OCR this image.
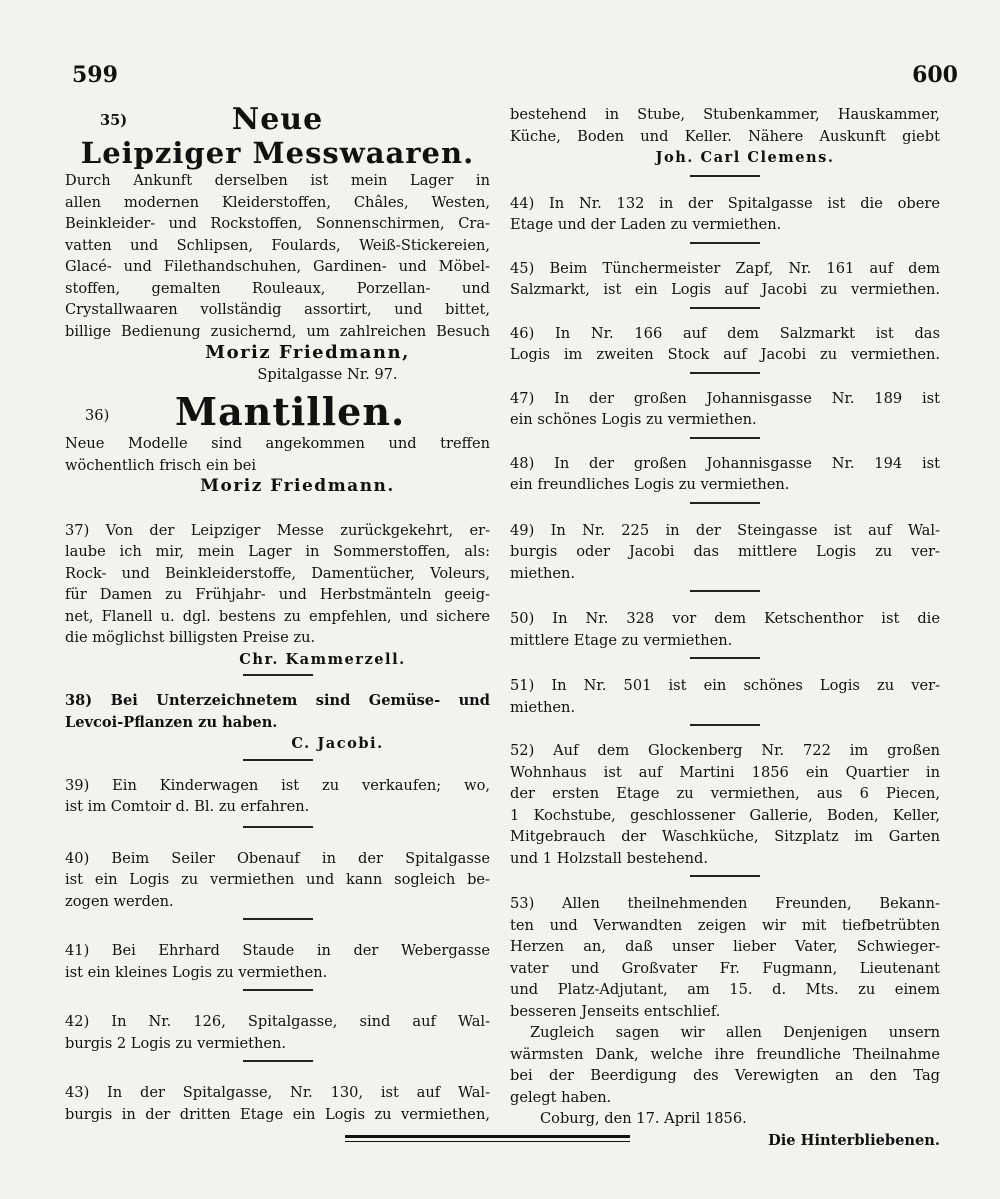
599	600
35)	Neue
Leipziger Messwaaren.
Durch Ankunft derselben ist mein Lager in
allen modernen Kleiderstoffen, Châles, Westen,
Beinkleider- und Rockstoffen, Sonnenschirmen, Cra-
vatten und Schlipsen, Foulards, Weiß-Stickereien,
Glacé- und Filethandschuhen, Gardinen- und Möbel-
stoffen, gemalten Rouleaux, Porzellan- und
Crystallwaaren vollständig assortirt, und bittet,
billige Bedienung zusichernd, um zahlreichen Besuch
Moriz Friedmann,
Spitalgasse Nr. 97.
36)	Mantillen.
Neue Modelle sind angekommen und treffen
wöchentlich frisch ein bei
Moriz Friedmann.
37) Von der Leipziger Messe zurückgekehrt, er-
laube ich mir, mein Lager in Sommerstoffen, als:
Rock- und Beinkleiderstoffe, Damentücher, Voleurs,
für Damen zu Frühjahr- und Herbstmänteln geeig-
net, Flanell u. dgl. bestens zu empfehlen, und sichere
die möglichst billigsten Preise zu.
Chr. Kammerzell.
38) Bei Unterzeichnetem sind Gemüse- und
Levcoi-Pflanzen zu haben.
C. Jacobi.
39) Ein Kinderwagen ist zu verkaufen; wo,
ist im Comtoir d. Bl. zu erfahren.
40) Beim Seiler Obenauf in der Spitalgasse
ist ein Logis zu vermiethen und kann sogleich be-
zogen werden.
41) Bei Ehrhard Staude in der Webergasse
ist ein kleines Logis zu vermiethen.
42) In Nr. 126, Spitalgasse, sind auf Wal-
burgis 2 Logis zu vermiethen.
43) In der Spitalgasse, Nr. 130, ist auf Wal-
burgis in der dritten Etage ein Logis zu vermiethen,
bestehend in Stube, Stubenkammer, Hauskammer,
Küche, Boden und Keller. Nähere Auskunft giebt
Joh. Carl Clemens.
44) In Nr. 132 in der Spitalgasse ist die obere
Etage und der Laden zu vermiethen.
45) Beim Tünchermeister Zapf, Nr. 161 auf dem
Salzmarkt, ist ein Logis auf Jacobi zu vermiethen.
46) In Nr. 166 auf dem Salzmarkt ist das
Logis im zweiten Stock auf Jacobi zu vermiethen.
47) In der großen Johannisgasse Nr. 189 ist
ein schönes Logis zu vermiethen.
48) In der großen Johannisgasse Nr. 194 ist
ein freundliches Logis zu vermiethen.
49) In Nr. 225 in der Steingasse ist auf Wal-
burgis oder Jacobi das mittlere Logis zu ver-
miethen.
50) In Nr. 328 vor dem Ketschenthor ist die
mittlere Etage zu vermiethen.
51) In Nr. 501 ist ein schönes Logis zu ver-
miethen.
52) Auf dem Glockenberg Nr. 722 im großen
Wohnhaus ist auf Martini 1856 ein Quartier in
der ersten Etage zu vermiethen, aus 6 Piecen,
1 Kochstube, geschlossener Gallerie, Boden, Keller,
Mitgebrauch der Waschküche, Sitzplatz im Garten
und 1 Holzstall bestehend.
53) Allen theilnehmenden Freunden, Bekann-
ten und Verwandten zeigen wir mit tiefbetrübten
Herzen an, daß unser lieber Vater, Schwieger-
vater und Großvater Fr. Fugmann, Lieutenant
und Platz-Adjutant, am 15. d. Mts. zu einem
besseren Jenseits entschlief.
Zugleich sagen wir allen Denjenigen unsern
wärmsten Dank, welche ihre freundliche Theilnahme
bei der Beerdigung des Verewigten an den Tag
gelegt haben.
Coburg, den 17. April 1856.
Die Hinterbliebenen.
